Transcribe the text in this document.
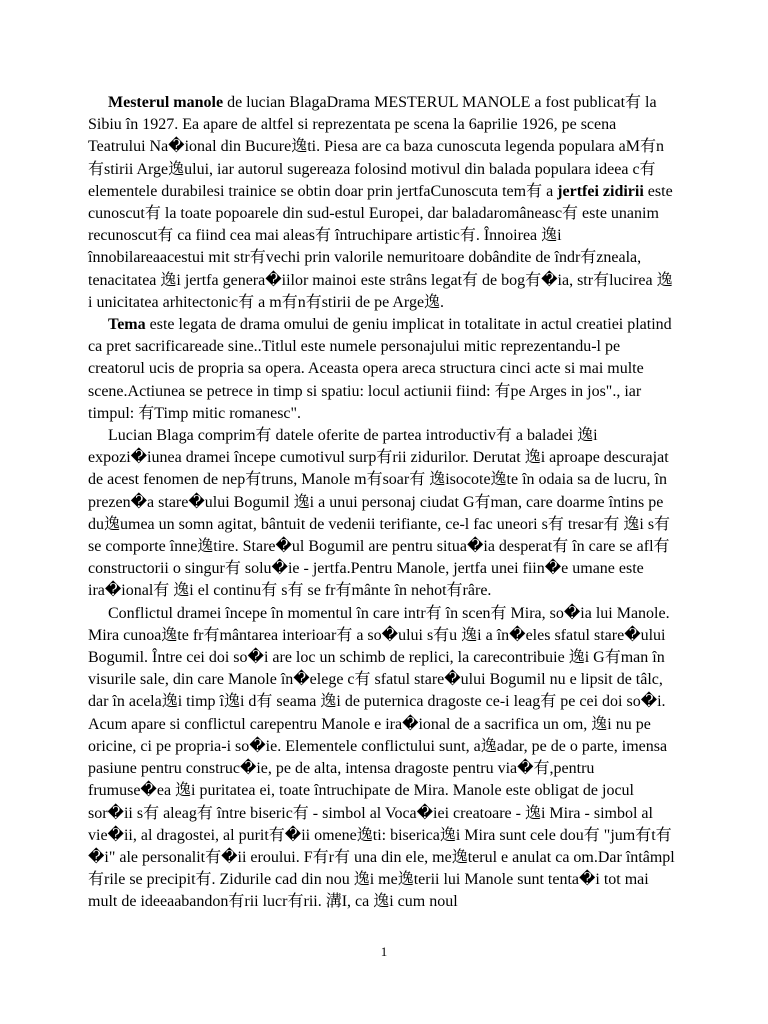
Mesterul manole de lucian BlagaDrama MESTERUL MANOLE a fost publicat有 la Sibiu în 1927. Ea apare de altfel si reprezentata pe scena la 6aprilie 1926, pe scena Teatrului Na�ional din Bucure逸ti. Piesa are ca baza cunoscuta legenda populara aM有n有stirii Arge逸ului, iar autorul sugereaza folosind motivul din balada populara ideea c有 elementele durabilesi trainice se obtin doar prin jertfaCunoscuta tem有 a jertfei zidirii este cunoscut有 la toate popoarele din sud-estul Europei, dar baladaromâneasc有 este unanim recunoscut有 ca fiind cea mai aleas有 întruchipare artistic有. Înnoirea 逸i înnobilareaacestui mit str有vechi prin valorile nemuritoare dobândite de îndr有zneala, tenacitatea 逸i jertfa genera�iilor mainoi este strâns legat有 de bog有�ia, str有lucirea 逸i unicitatea arhitectonic有 a m有n有stirii de pe Arge逸.

Tema este legata de drama omului de geniu implicat in totalitate in actul creatiei platind ca pret sacrificareade sine..Titlul este numele personajului mitic reprezentandu-l pe creatorul ucis de propria sa opera. Aceasta opera areca structura cinci acte si mai multe scene.Actiunea se petrece in timp si spatiu: locul actiunii fiind: 有pe Arges in jos"., iar timpul: 有Timp mitic romanesc".

Lucian Blaga comprim有 datele oferite de partea introductiv有 a baladei 逸i expozi�iunea dramei începe cumotivul surp有rii zidurilor. Derutat 逸i aproape descurajat de acest fenomen de nep有truns, Manole m有soar有 逸isocote逸te în odaia sa de lucru, în prezen�a stare�ului Bogumil 逸i a unui personaj ciudat G有man, care doarme întins pe du逸umea un somn agitat, bântuit de vedenii terifiante, ce-l fac uneori s有 tresar有 逸i s有 se comporte înne逸tire. Stare�ul Bogumil are pentru situa�ia desperat有 în care se afl有 constructorii o singur有 solu�ie - jertfa.Pentru Manole, jertfa unei fiin�e umane este ira�ional有 逸i el continu有 s有 se fr有mânte în nehot有râre.

Conflictul dramei începe în momentul în care intr有 în scen有 Mira, so�ia lui Manole. Mira cunoa逸te fr有mântarea interioar有 a so�ului s有u 逸i a în�eles sfatul stare�ului Bogumil. Între cei doi so�i are loc un schimb de replici, la carecontribuie 逸i G有man în visurile sale, din care Manole în�elege c有 sfatul stare�ului Bogumil nu e lipsit de tâlc, dar în acela逸i timp î逸i d有 seama 逸i de puternica dragoste ce-i leag有 pe cei doi so�i. Acum apare si conflictul carepentru Manole e ira�ional de a sacrifica un om, 逸i nu pe oricine, ci pe propria-i so�ie. Elementele conflictului sunt, a逸adar, pe de o parte, imensa pasiune pentru construc�ie, pe de alta, intensa dragoste pentru via�有,pentru frumuse�ea 逸i puritatea ei, toate întruchipate de Mira. Manole este obligat de jocul sor�ii s有 aleag有 între biseric有 - simbol al Voca�iei creatoare - 逸i Mira - simbol al vie�ii, al dragostei, al purit有�ii omene逸ti: biserica逸i Mira sunt cele dou有 "jum有t有�i" ale personalit有�ii eroului. F有r有 una din ele, me逸terul e anulat ca om.Dar întâmpl有rile se precipit有. Zidurile cad din nou 逸i me逸terii lui Manole sunt tenta�i tot mai mult de ideeaabandon有rii lucr有rii. 溝I, ca 逸i cum noul

1
